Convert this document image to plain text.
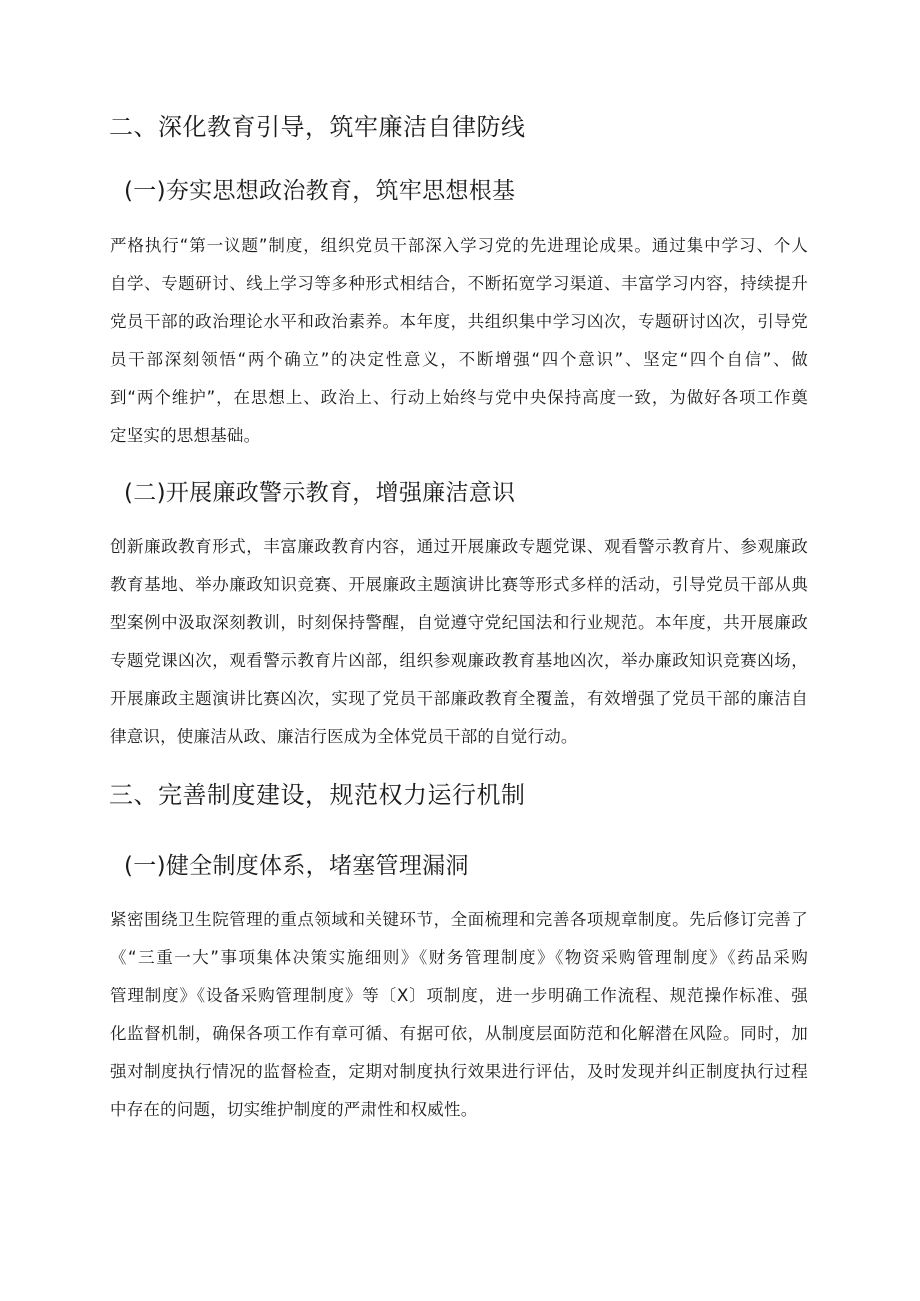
二、深化教育引导，筑牢廉洁自律防线
(一)夯实思想政治教育，筑牢思想根基
严格执行“第一议题”制度，组织党员干部深入学习党的先进理论成果。通过集中学习、个人
自学、专题研讨、线上学习等多种形式相结合，不断拓宽学习渠道、丰富学习内容，持续提升
党员干部的政治理论水平和政治素养。本年度，共组织集中学习凶次，专题研讨凶次，引导党
员干部深刻领悟“两个确立”的决定性意义，不断增强“四个意识”、坚定“四个自信”、做
到“两个维护”，在思想上、政治上、行动上始终与党中央保持高度一致，为做好各项工作奠
定坚实的思想基础。
(二)开展廉政警示教育，增强廉洁意识
创新廉政教育形式，丰富廉政教育内容，通过开展廉政专题党课、观看警示教育片、参观廉政
教育基地、举办廉政知识竞赛、开展廉政主题演讲比赛等形式多样的活动，引导党员干部从典
型案例中汲取深刻教训，时刻保持警醒，自觉遵守党纪国法和行业规范。本年度，共开展廉政
专题党课凶次，观看警示教育片凶部，组织参观廉政教育基地凶次，举办廉政知识竞赛凶场，
开展廉政主题演讲比赛凶次，实现了党员干部廉政教育全覆盖，有效增强了党员干部的廉洁自
律意识，使廉洁从政、廉洁行医成为全体党员干部的自觉行动。
三、完善制度建设，规范权力运行机制
(一)健全制度体系，堵塞管理漏洞
紧密围绕卫生院管理的重点领域和关键环节，全面梳理和完善各项规章制度。先后修订完善了
《“三重一大”事项集体决策实施细则》《财务管理制度》《物资采购管理制度》《药品采购
管理制度》《设备采购管理制度》等〔X〕项制度，进一步明确工作流程、规范操作标准、强
化监督机制，确保各项工作有章可循、有据可依，从制度层面防范和化解潜在风险。同时，加
强对制度执行情况的监督检查，定期对制度执行效果进行评估，及时发现并纠正制度执行过程
中存在的问题，切实维护制度的严肃性和权威性。
